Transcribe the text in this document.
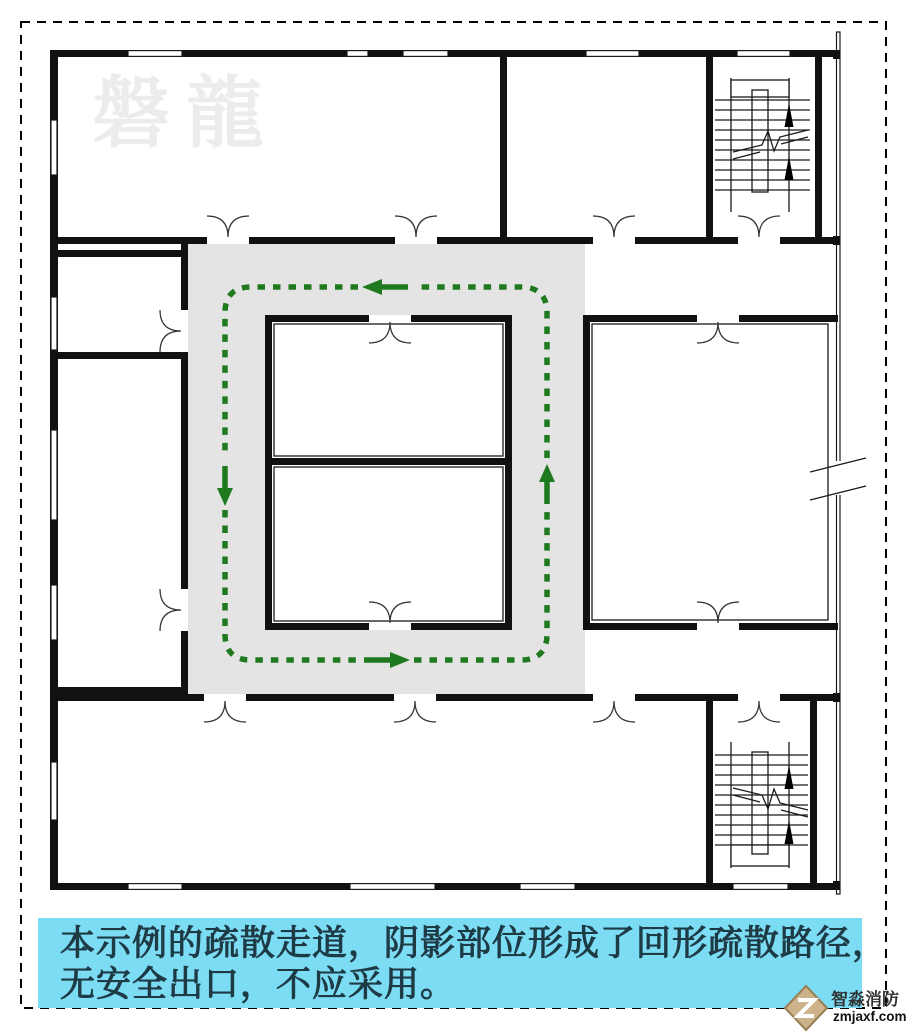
磐龍
本示例的疏散走道，阴影部位形成了回形疏散路径，
无安全出口，不应采用。	智淼消防
zmjaxf.com
